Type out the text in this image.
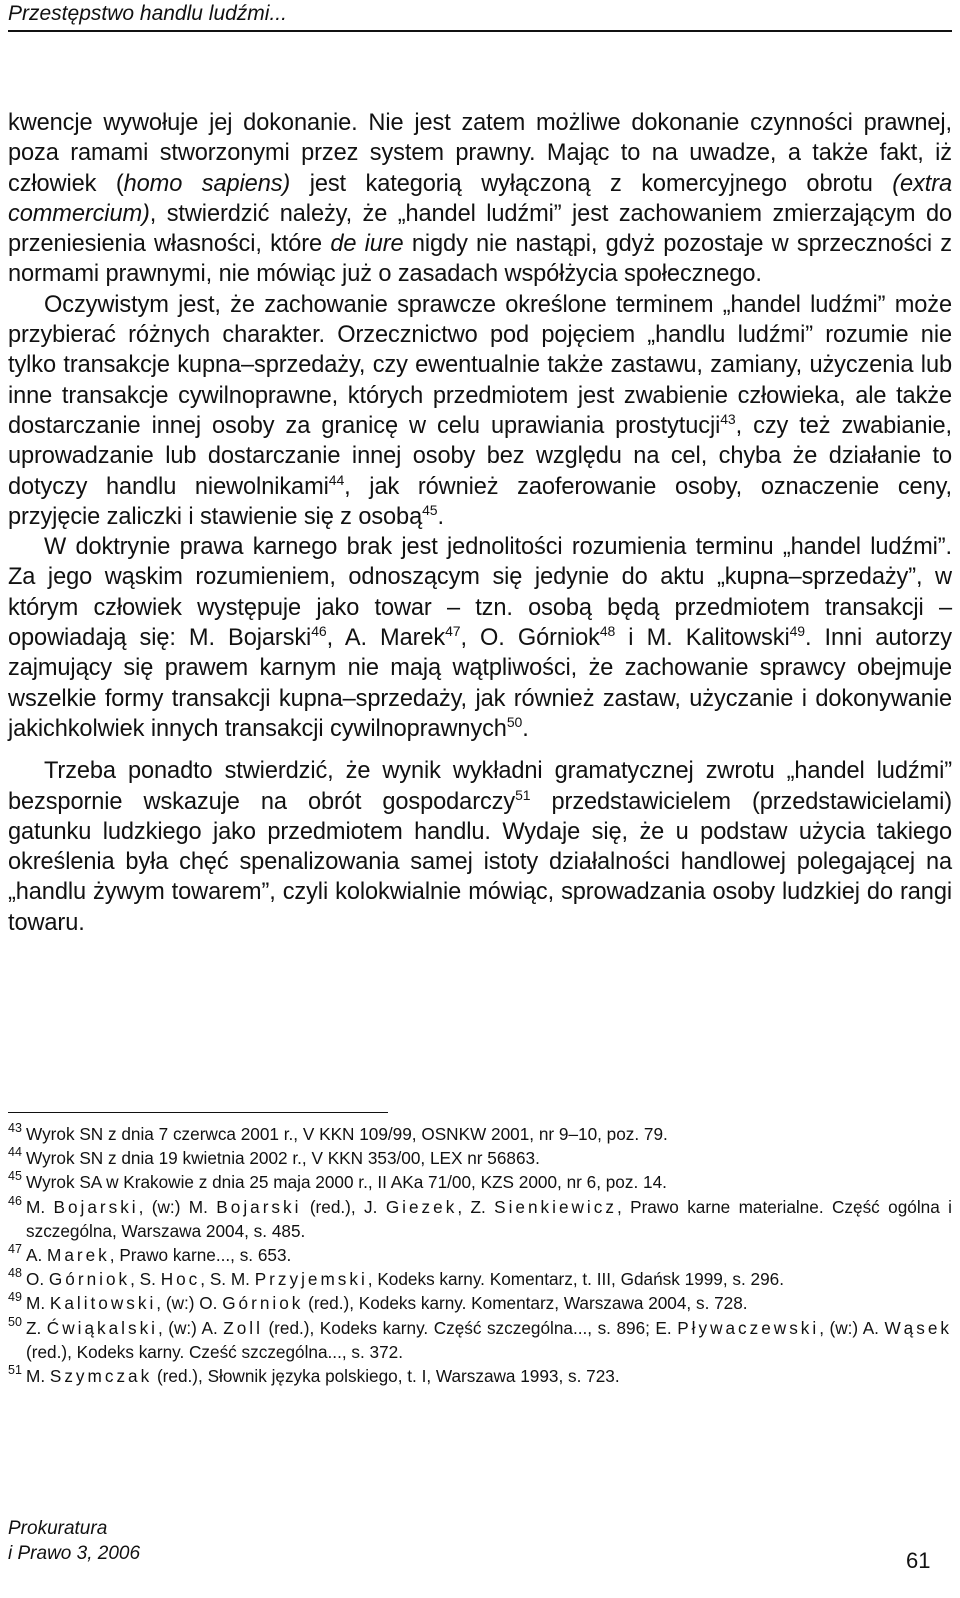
Przestępstwo handlu ludźmi...

kwencje wywołuje jej dokonanie. Nie jest zatem możliwe dokonanie czynności prawnej, poza ramami stworzonymi przez system prawny. Mając to na uwadze, a także fakt, iż człowiek (homo sapiens) jest kategorią wyłączoną z komercyjnego obrotu (extra commercium), stwierdzić należy, że „handel ludźmi” jest zachowaniem zmierzającym do przeniesienia własności, które de iure nigdy nie nastąpi, gdyż pozostaje w sprzeczności z normami prawnymi, nie mówiąc już o zasadach współżycia społecznego.

Oczywistym jest, że zachowanie sprawcze określone terminem „handel ludźmi” może przybierać różnych charakter. Orzecznictwo pod pojęciem „handlu ludźmi” rozumie nie tylko transakcje kupna–sprzedaży, czy ewentualnie także zastawu, zamiany, użyczenia lub inne transakcje cywilnoprawne, których przedmiotem jest zwabienie człowieka, ale także dostarczanie innej osoby za granicę w celu uprawiania prostytucji$^{43}$, czy też zwabianie, uprowadzanie lub dostarczanie innej osoby bez względu na cel, chyba że działanie to dotyczy handlu niewolnikami$^{44}$, jak również zaoferowanie osoby, oznaczenie ceny, przyjęcie zaliczki i stawienie się z osobą$^{45}$.

W doktrynie prawa karnego brak jest jednolitości rozumienia terminu „handel ludźmi”. Za jego wąskim rozumieniem, odnoszącym się jedynie do aktu „kupna–sprzedaży”, w którym człowiek występuje jako towar – tzn. osobą będą przedmiotem transakcji – opowiadają się: M. Bojarski$^{46}$, A. Marek$^{47}$, O. Górniok$^{48}$ i M. Kalitowski$^{49}$. Inni autorzy zajmujący się prawem karnym nie mają wątpliwości, że zachowanie sprawcy obejmuje wszelkie formy transakcji kupna–sprzedaży, jak również zastaw, użyczanie i dokonywanie jakichkolwiek innych transakcji cywilnoprawnych$^{50}$.

Trzeba ponadto stwierdzić, że wynik wykładni gramatycznej zwrotu „handel ludźmi” bezspornie wskazuje na obrót gospodarczy$^{51}$ przedstawicielem (przedstawicielami) gatunku ludzkiego jako przedmiotem handlu. Wydaje się, że u podstaw użycia takiego określenia była chęć spenalizowania samej istoty działalności handlowej polegającej na „handlu żywym towarem”, czyli kolokwialnie mówiąc, sprowadzania osoby ludzkiej do rangi towaru.

43 Wyrok SN z dnia 7 czerwca 2001 r., V KKN 109/99, OSNKW 2001, nr 9–10, poz. 79.
44 Wyrok SN z dnia 19 kwietnia 2002 r., V KKN 353/00, LEX nr 56863.
45 Wyrok SA w Krakowie z dnia 25 maja 2000 r., II AKa 71/00, KZS 2000, nr 6, poz. 14.
46 M. Bojarski, (w:) M. Bojarski (red.), J. Giezek, Z. Sienkiewicz, Prawo karne materialne. Część ogólna i szczególna, Warszawa 2004, s. 485.
47 A. Marek, Prawo karne..., s. 653.
48 O. Górniok, S. Hoc, S. M. Przyjemski, Kodeks karny. Komentarz, t. III, Gdańsk 1999, s. 296.
49 M. Kalitowski, (w:) O. Górniok (red.), Kodeks karny. Komentarz, Warszawa 2004, s. 728.
50 Z. Ćwiąkalski, (w:) A. Zoll (red.), Kodeks karny. Część szczególna..., s. 896; E. Pływaczewski, (w:) A. Wąsek (red.), Kodeks karny. Cześć szczególna..., s. 372.
51 M. Szymczak (red.), Słownik języka polskiego, t. I, Warszawa 1993, s. 723.
Prokuratura
i Prawo 3, 2006	61
